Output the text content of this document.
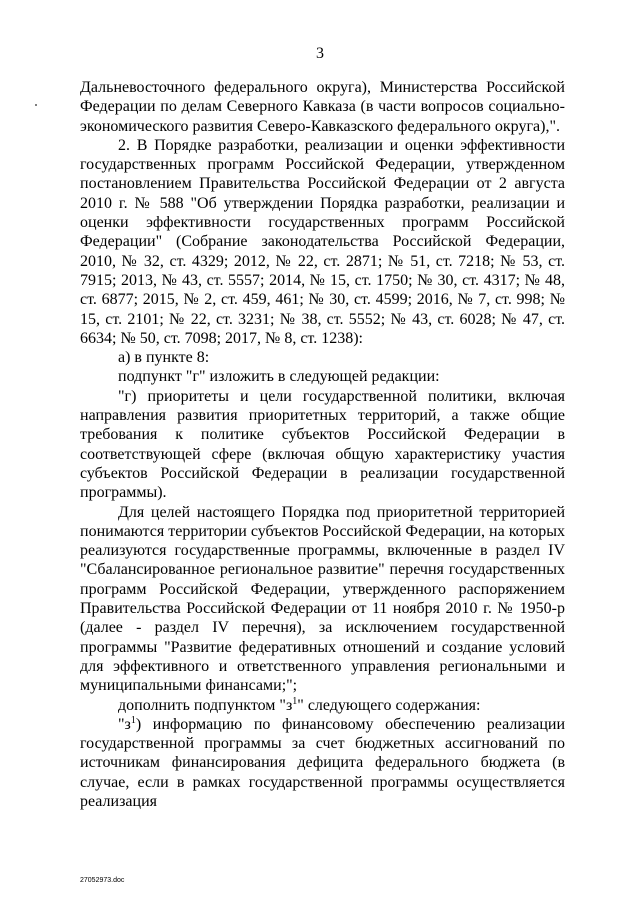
3

Дальневосточного федерального округа), Министерства Российской Федерации по делам Северного Кавказа (в части вопросов социально-экономического развития Северо-Кавказского федерального округа),".

2. В Порядке разработки, реализации и оценки эффективности государственных программ Российской Федерации, утвержденном постановлением Правительства Российской Федерации от 2 августа 2010 г. № 588 "Об утверждении Порядка разработки, реализации и оценки эффективности государственных программ Российской Федерации" (Собрание законодательства Российской Федерации, 2010, № 32, ст. 4329; 2012, № 22, ст. 2871; № 51, ст. 7218; № 53, ст. 7915; 2013, № 43, ст. 5557; 2014, № 15, ст. 1750; № 30, ст. 4317; № 48, ст. 6877; 2015, № 2, ст. 459, 461; № 30, ст. 4599; 2016, № 7, ст. 998; № 15, ст. 2101; № 22, ст. 3231; № 38, ст. 5552; № 43, ст. 6028; № 47, ст. 6634; № 50, ст. 7098; 2017, № 8, ст. 1238):

а) в пункте 8:

подпункт "г" изложить в следующей редакции:

"г) приоритеты и цели государственной политики, включая направления развития приоритетных территорий, а также общие требования к политике субъектов Российской Федерации в соответствующей сфере (включая общую характеристику участия субъектов Российской Федерации в реализации государственной программы).

Для целей настоящего Порядка под приоритетной территорией понимаются территории субъектов Российской Федерации, на которых реализуются государственные программы, включенные в раздел IV "Сбалансированное региональное развитие" перечня государственных программ Российской Федерации, утвержденного распоряжением Правительства Российской Федерации от 11 ноября 2010 г. № 1950-р (далее - раздел IV перечня), за исключением государственной программы "Развитие федеративных отношений и создание условий для эффективного и ответственного управления региональными и муниципальными финансами;";

дополнить подпунктом "$з^1$" следующего содержания:

"$з^1$) информацию по финансовому обеспечению реализации государственной программы за счет бюджетных ассигнований по источникам финансирования дефицита федерального бюджета (в случае, если в рамках государственной программы осуществляется реализация

27052973.doc
